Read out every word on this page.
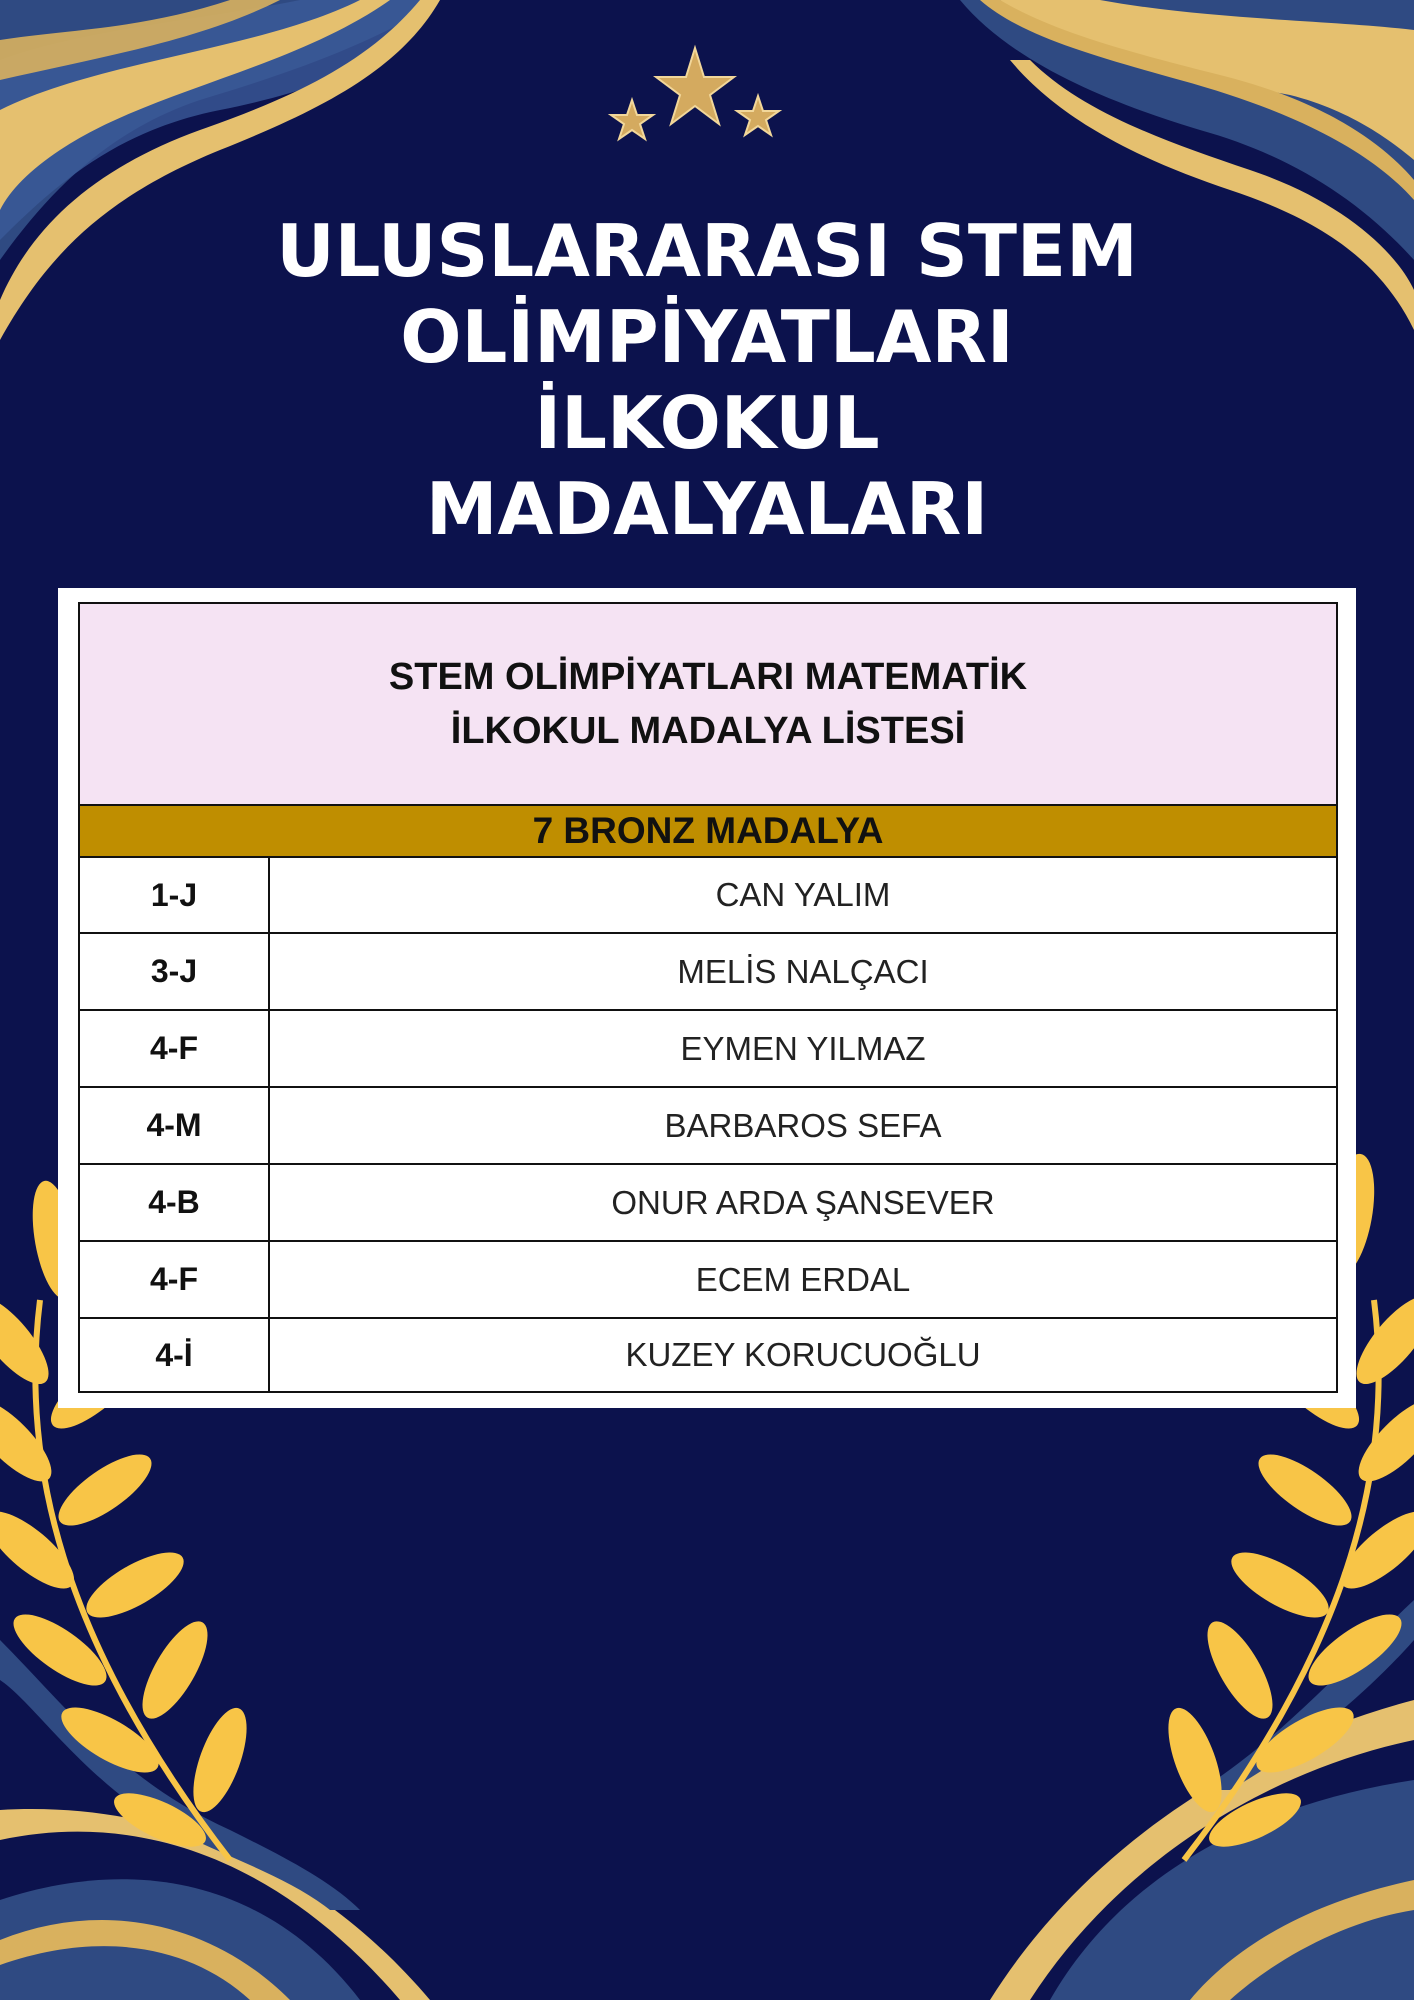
ULUSLARARASI STEM
OLİMPİYATLARI
İLKOKUL
MADALYALARI
STEM OLİMPİYATLARI MATEMATİK
İLKOKUL MADALYA LİSTESİ	

7 BRONZ MADALYA	
1-J	CAN YALIM
3-J	MELİS NALÇACI
4-F	EYMEN YILMAZ
4-M	BARBAROS SEFA
4-B	ONUR ARDA ŞANSEVER
4-F	ECEM ERDAL
4-İ	KUZEY KORUCUOĞLU
